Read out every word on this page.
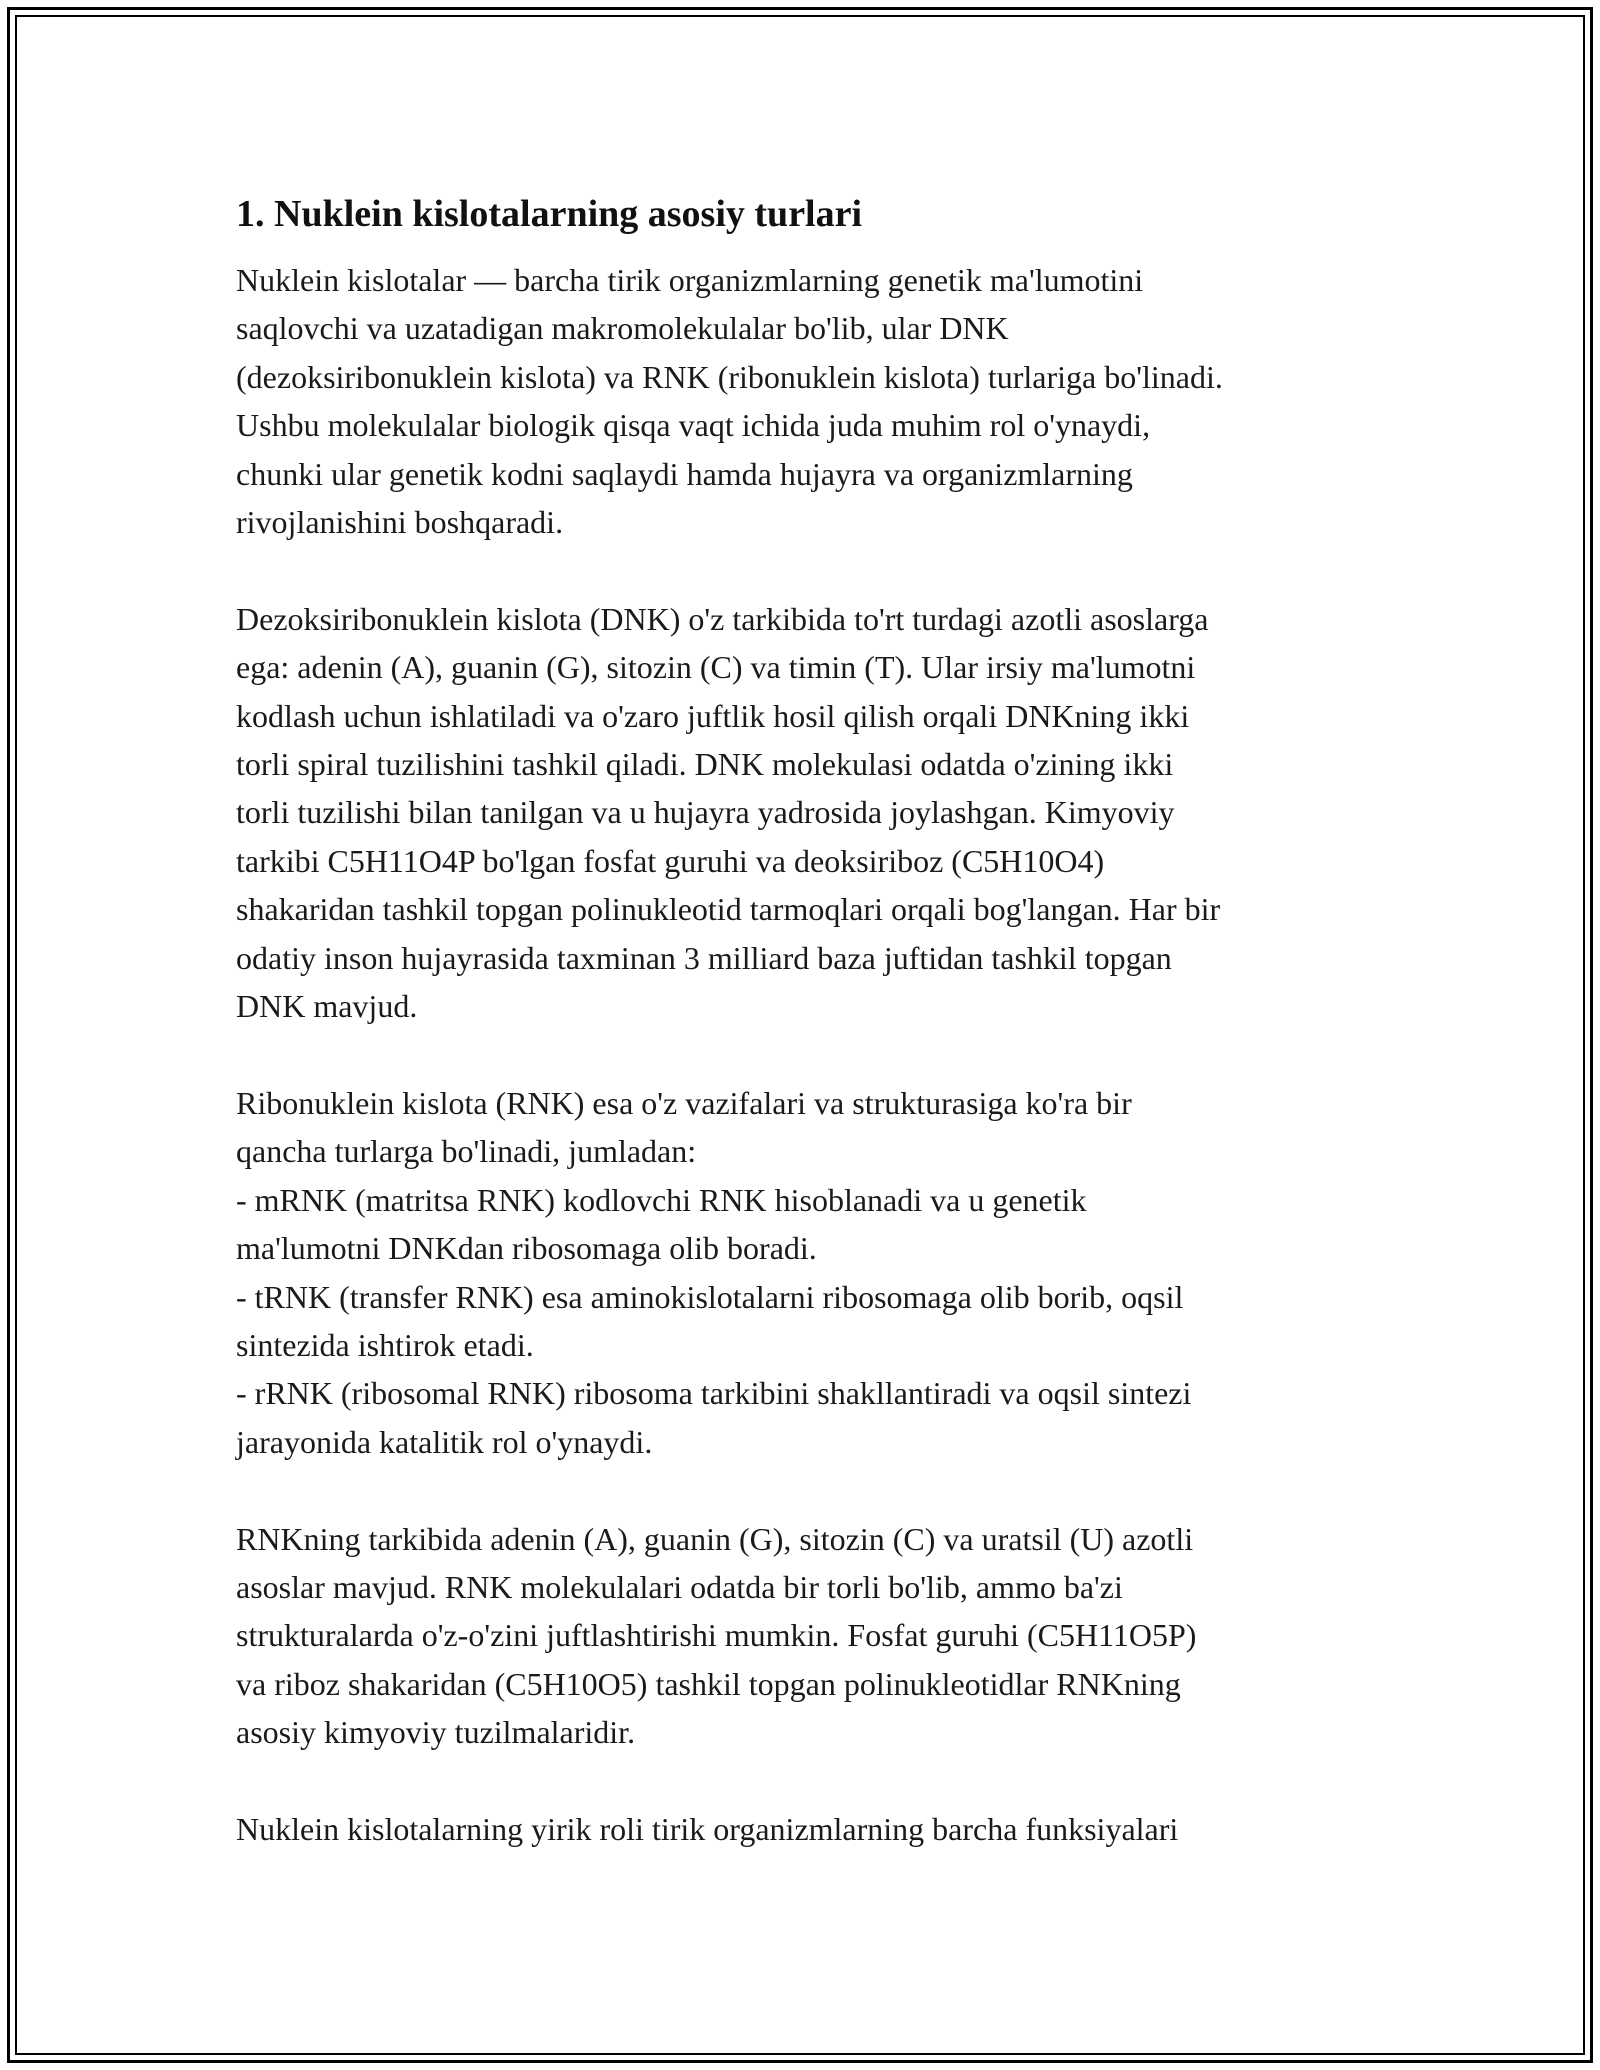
1. Nuklein kislotalarning asosiy turlari

Nuklein kislotalar — barcha tirik organizmlarning genetik ma'lumotini
saqlovchi va uzatadigan makromolekulalar bo'lib, ular DNK
(dezoksiribonuklein kislota) va RNK (ribonuklein kislota) turlariga bo'linadi.
Ushbu molekulalar biologik qisqa vaqt ichida juda muhim rol o'ynaydi,
chunki ular genetik kodni saqlaydi hamda hujayra va organizmlarning
rivojlanishini boshqaradi.

Dezoksiribonuklein kislota (DNK) o'z tarkibida to'rt turdagi azotli asoslarga
ega: adenin (A), guanin (G), sitozin (C) va timin (T). Ular irsiy ma'lumotni
kodlash uchun ishlatiladi va o'zaro juftlik hosil qilish orqali DNKning ikki
torli spiral tuzilishini tashkil qiladi. DNK molekulasi odatda o'zining ikki
torli tuzilishi bilan tanilgan va u hujayra yadrosida joylashgan. Kimyoviy
tarkibi C5H11O4P bo'lgan fosfat guruhi va deoksiriboz (C5H10O4)
shakaridan tashkil topgan polinukleotid tarmoqlari orqali bog'langan. Har bir
odatiy inson hujayrasida taxminan 3 milliard baza juftidan tashkil topgan
DNK mavjud.

Ribonuklein kislota (RNK) esa o'z vazifalari va strukturasiga ko'ra bir
qancha turlarga bo'linadi, jumladan:
- mRNK (matritsa RNK) kodlovchi RNK hisoblanadi va u genetik
ma'lumotni DNKdan ribosomaga olib boradi.
- tRNK (transfer RNK) esa aminokislotalarni ribosomaga olib borib, oqsil
sintezida ishtirok etadi.
- rRNK (ribosomal RNK) ribosoma tarkibini shakllantiradi va oqsil sintezi
jarayonida katalitik rol o'ynaydi.

RNKning tarkibida adenin (A), guanin (G), sitozin (C) va uratsil (U) azotli
asoslar mavjud. RNK molekulalari odatda bir torli bo'lib, ammo ba'zi
strukturalarda o'z-o'zini juftlashtirishi mumkin. Fosfat guruhi (C5H11O5P)
va riboz shakaridan (C5H10O5) tashkil topgan polinukleotidlar RNKning
asosiy kimyoviy tuzilmalaridir.

Nuklein kislotalarning yirik roli tirik organizmlarning barcha funksiyalari
